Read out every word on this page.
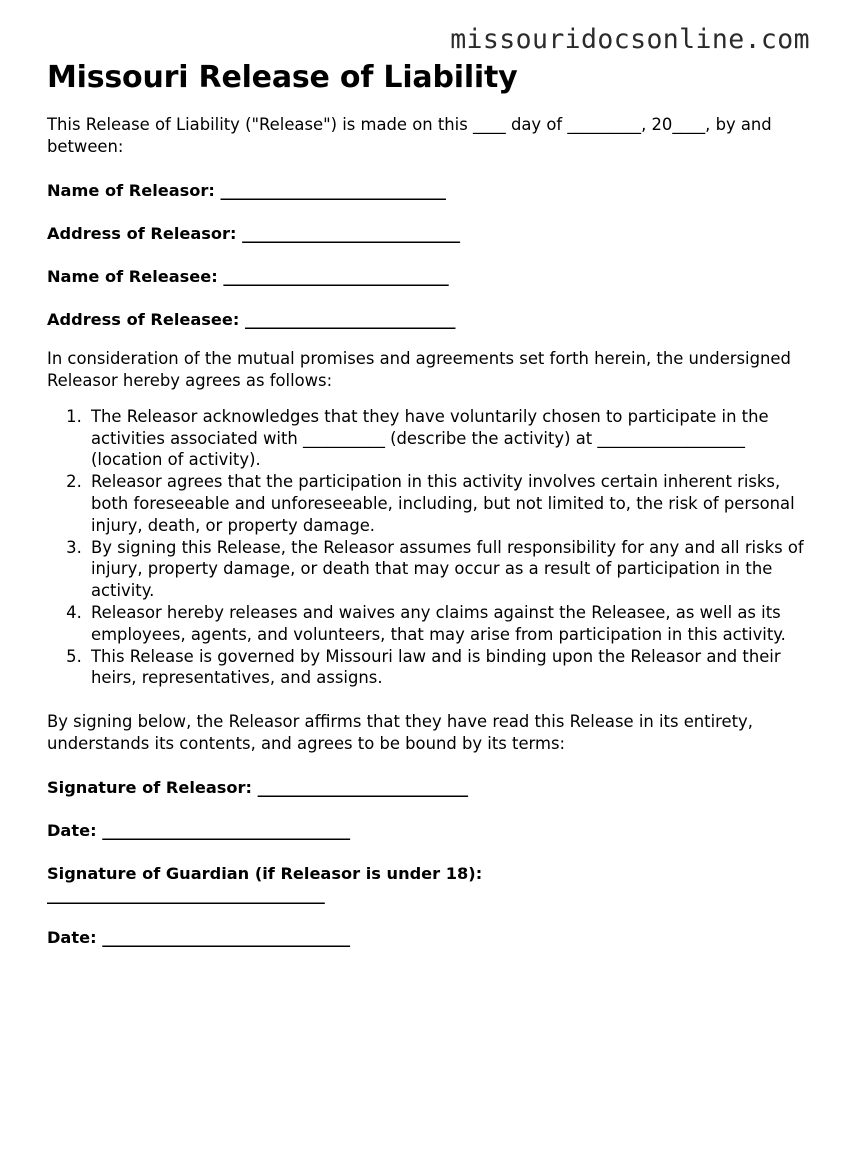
missouridocsonline.com
Missouri Release of Liability

This Release of Liability ("Release") is made on this ____ day of _________, 20____, by and between:

Name of Releasor: ______________________________
Address of Releasor: _____________________________
Name of Releasee: ______________________________
Address of Releasee: ____________________________

In consideration of the mutual promises and agreements set forth herein, the undersigned Releasor hereby agrees as follows:

1. The Releasor acknowledges that they have voluntarily chosen to participate in the activities associated with __________ (describe the activity) at __________________ (location of activity).
2. Releasor agrees that the participation in this activity involves certain inherent risks, both foreseeable and unforeseeable, including, but not limited to, the risk of personal injury, death, or property damage.
3. By signing this Release, the Releasor assumes full responsibility for any and all risks of injury, property damage, or death that may occur as a result of participation in the activity.
4. Releasor hereby releases and waives any claims against the Releasee, as well as its employees, agents, and volunteers, that may arise from participation in this activity.
5. This Release is governed by Missouri law and is binding upon the Releasor and their heirs, representatives, and assigns.

By signing below, the Releasor affirms that they have read this Release in its entirety, understands its contents, and agrees to be bound by its terms:

Signature of Releasor: ____________________________
Date: _________________________________
Signature of Guardian (if Releasor is under 18):
_____________________________________
Date: _________________________________
